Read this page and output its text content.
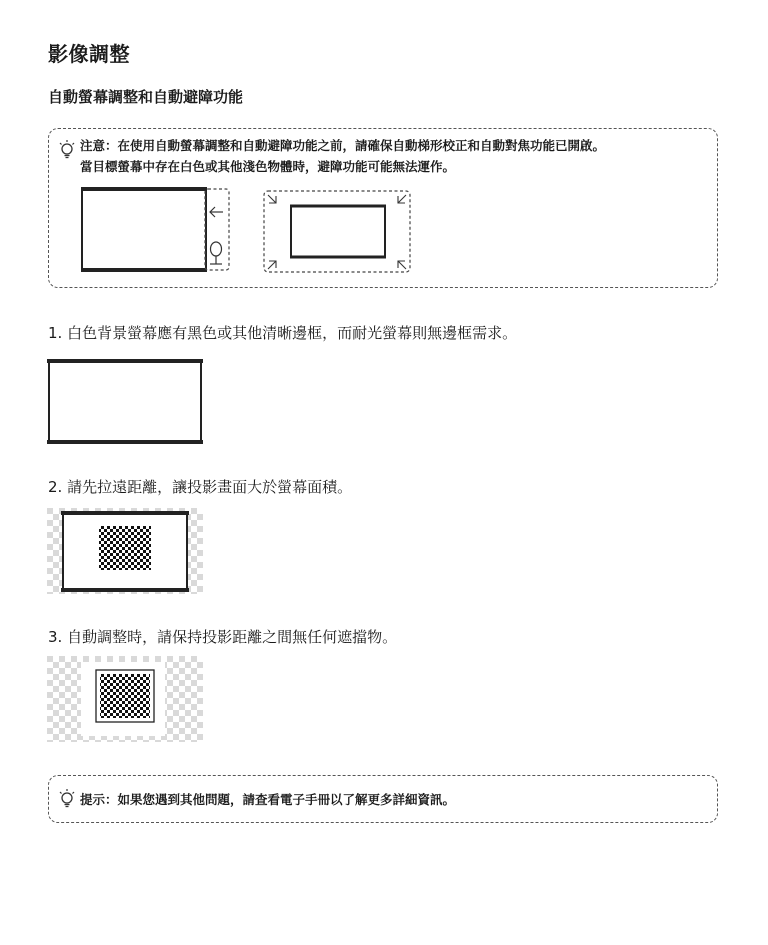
影像調整
自動螢幕調整和自動避障功能
注意：在使用自動螢幕調整和自動避障功能之前，請確保自動梯形校正和自動對焦功能已開啟。
當目標螢幕中存在白色或其他淺色物體時，避障功能可能無法運作。
1. 白色背景螢幕應有黑色或其他清晰邊框，而耐光螢幕則無邊框需求。
2. 請先拉遠距離，讓投影畫面大於螢幕面積。
3. 自動調整時，請保持投影距離之間無任何遮擋物。
提示：如果您遇到其他問題，請查看電子手冊以了解更多詳細資訊。
